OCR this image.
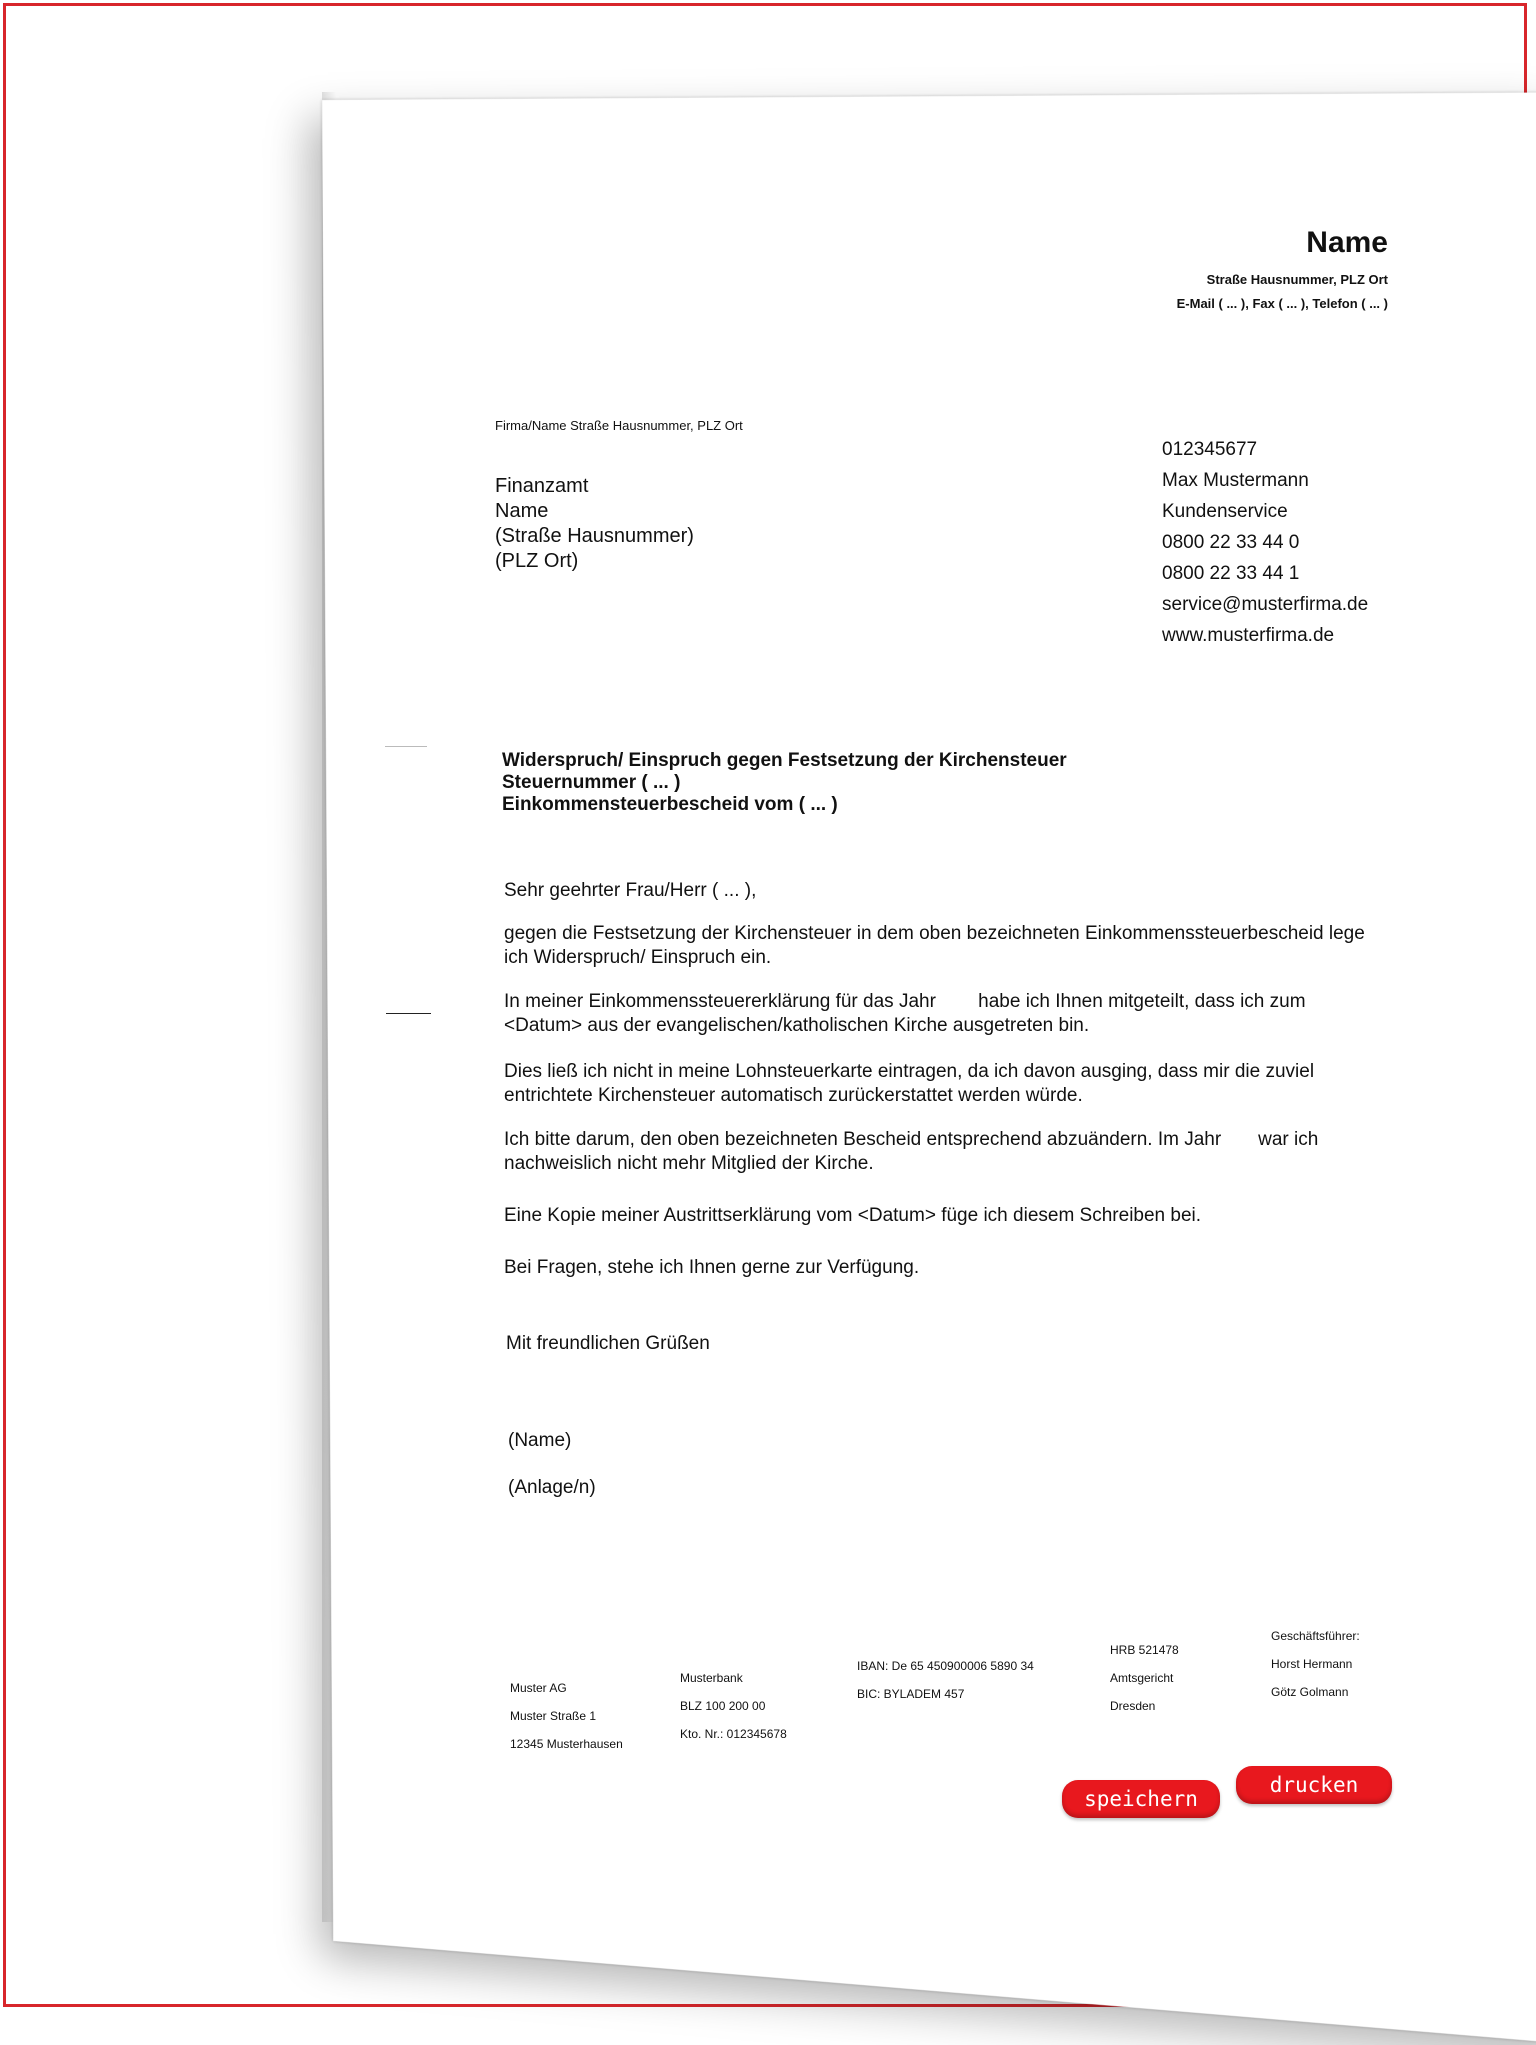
Name
Straße Hausnummer, PLZ Ort
E-Mail ( ... ), Fax ( ... ), Telefon ( ... )
Firma/Name Straße Hausnummer, PLZ Ort
Finanzamt
Name
(Straße Hausnummer)
(PLZ Ort)
012345677
Max Mustermann
Kundenservice
0800 22 33 44 0
0800 22 33 44 1
service@musterfirma.de
www.musterfirma.de
Widerspruch/ Einspruch gegen Festsetzung der Kirchensteuer
Steuernummer ( ... )
Einkommensteuerbescheid vom ( ... )
Sehr geehrter Frau/Herr ( ... ),
gegen die Festsetzung der Kirchensteuer in dem oben bezeichneten Einkommenssteuerbescheid lege
ich Widerspruch/ Einspruch ein.
In meiner Einkommenssteuererklärung für das Jahr        habe ich Ihnen mitgeteilt, dass ich zum
<Datum> aus der evangelischen/katholischen Kirche ausgetreten bin.
Dies ließ ich nicht in meine Lohnsteuerkarte eintragen, da ich davon ausging, dass mir die zuviel
entrichtete Kirchensteuer automatisch zurückerstattet werden würde.
Ich bitte darum, den oben bezeichneten Bescheid entsprechend abzuändern. Im Jahr       war ich
nachweislich nicht mehr Mitglied der Kirche.
Eine Kopie meiner Austrittserklärung vom <Datum> füge ich diesem Schreiben bei.
Bei Fragen, stehe ich Ihnen gerne zur Verfügung.
Mit freundlichen Grüßen
(Name)
(Anlage/n)
Muster AG
Muster Straße 1
12345 Musterhausen
Musterbank
BLZ 100 200 00
Kto. Nr.: 012345678
IBAN: De 65 450900006 5890 34
BIC: BYLADEM 457
HRB 521478
Amtsgericht
Dresden
Geschäftsführer:
Horst Hermann
Götz Golmann
speichern
drucken
